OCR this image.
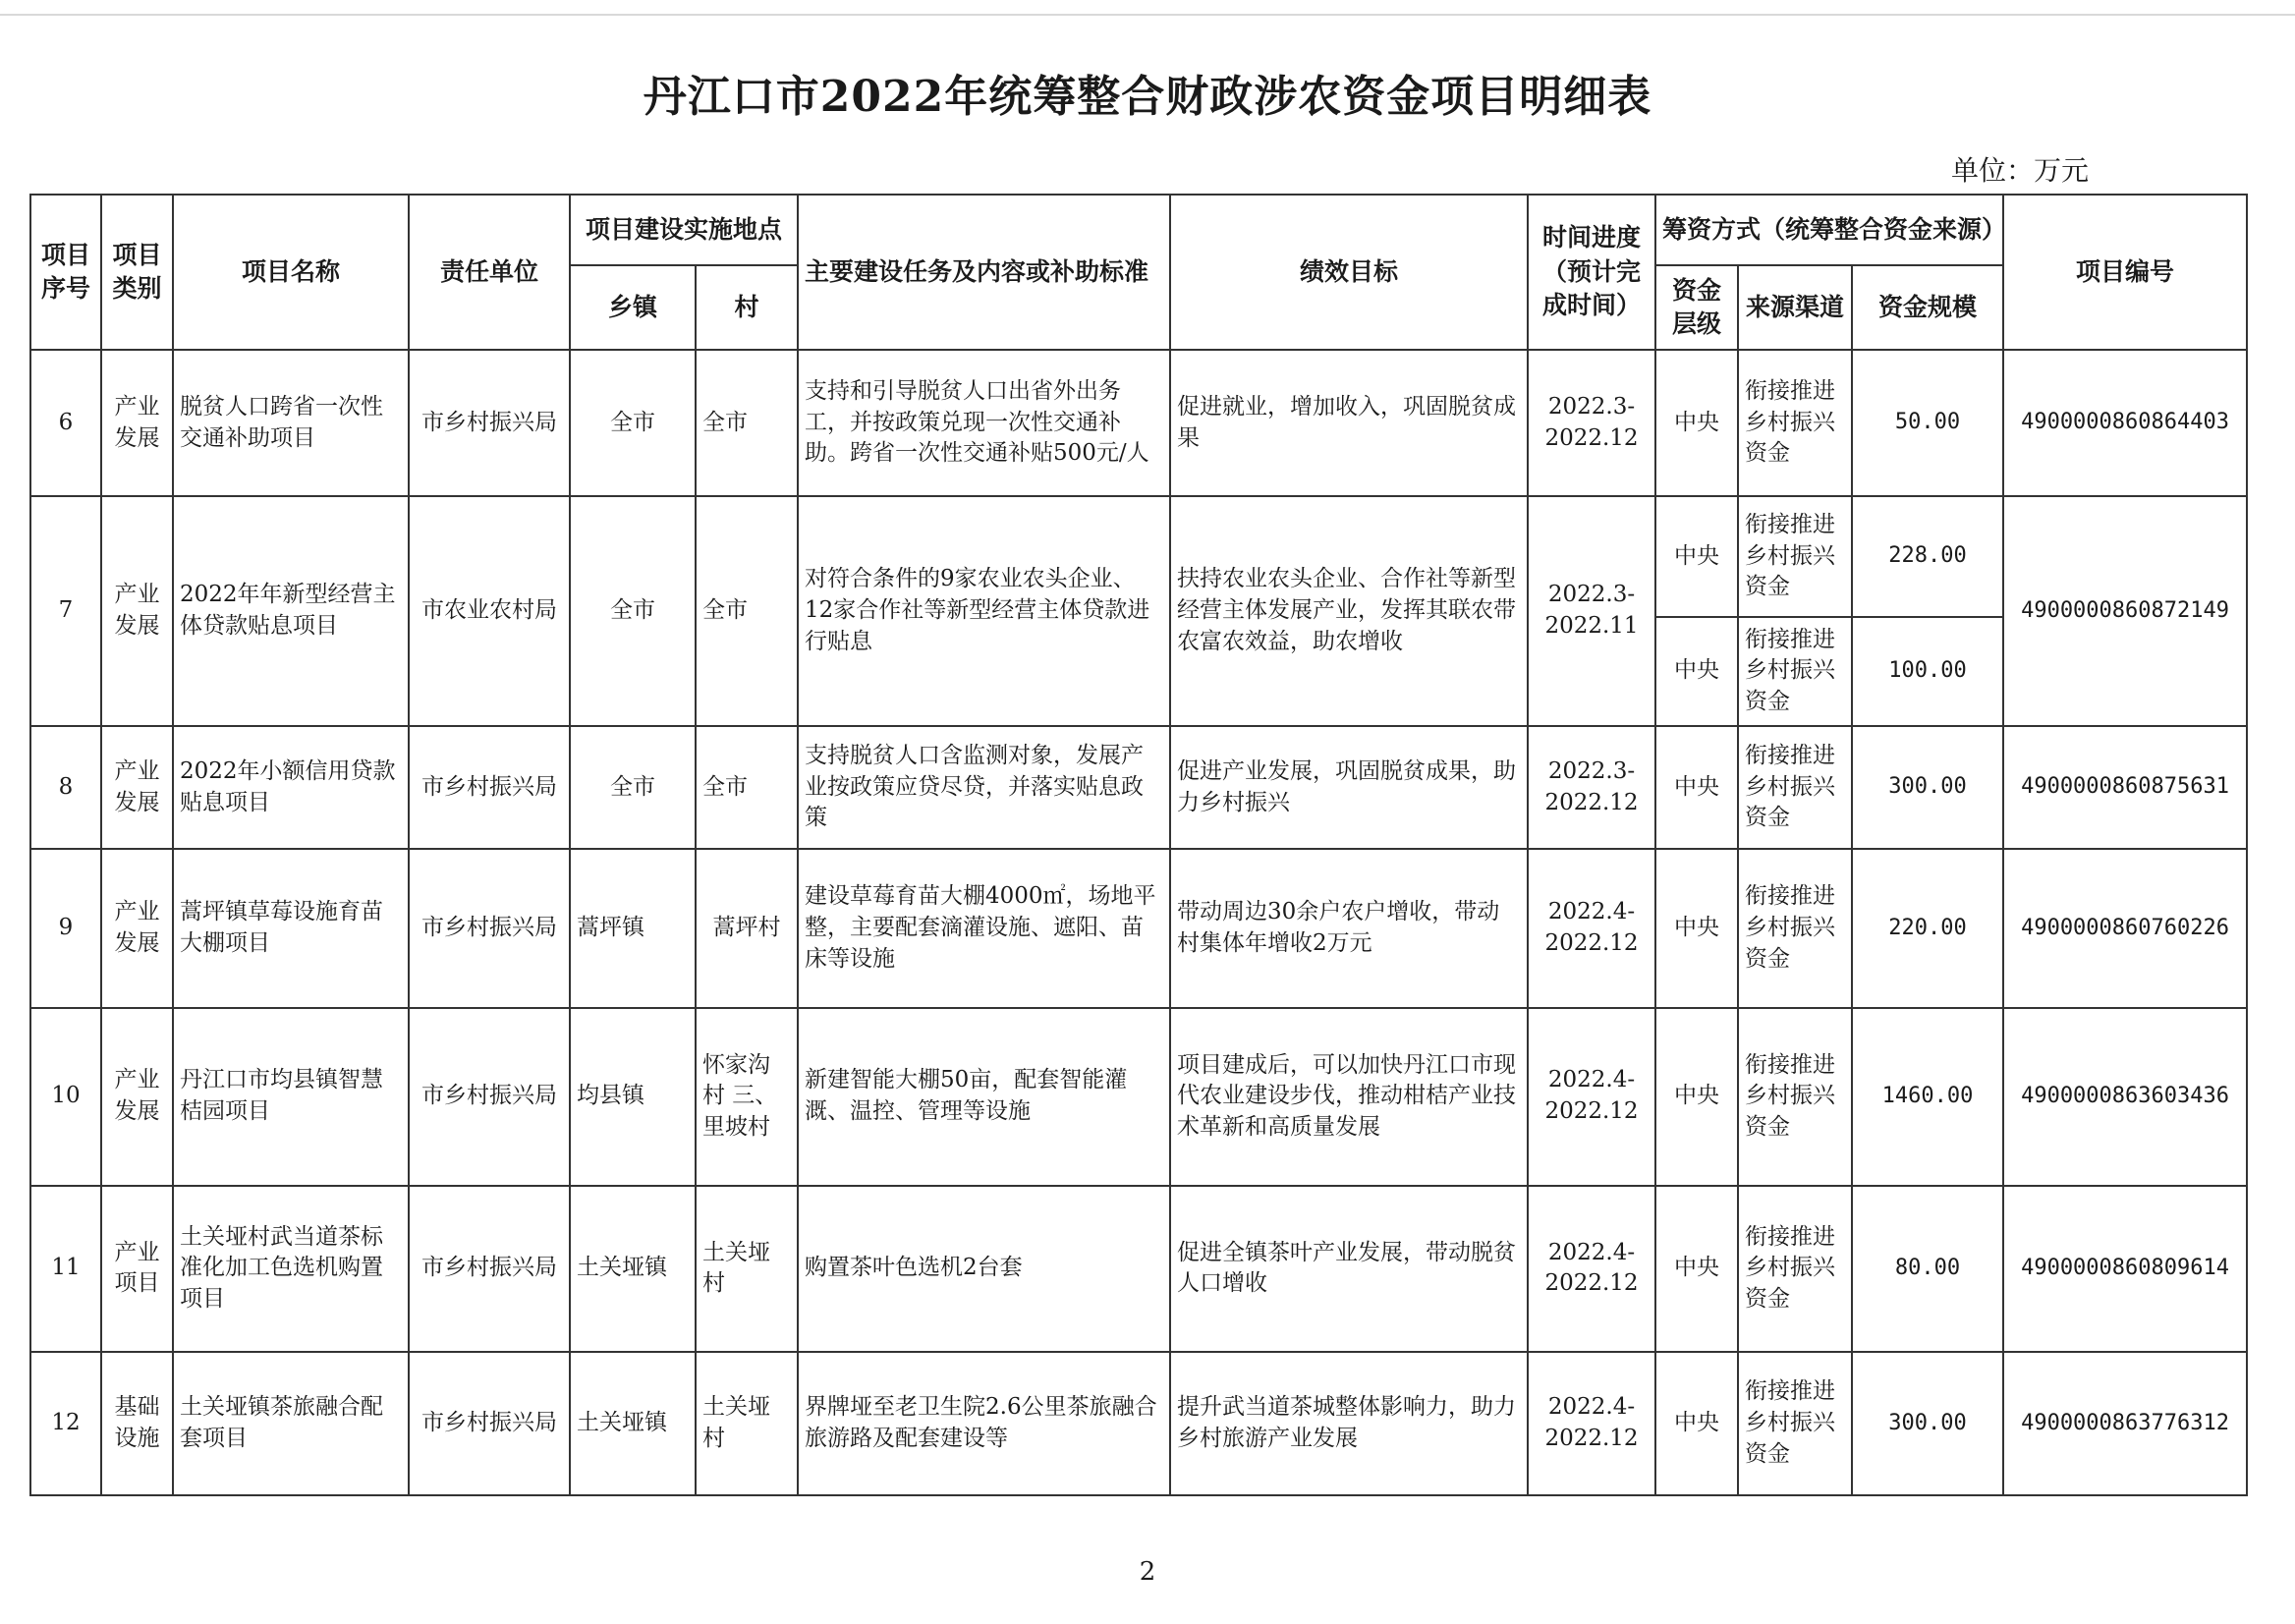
丹江口市2022年统筹整合财政涉农资金项目明细表
单位：万元
项目序号	项目类别	项目名称	责任单位	项目建设实施地点		主要建设任务及内容或补助标准	绩效目标	时间进度（预计完成时间）	筹资方式（统筹整合资金来源）			项目编号
				乡镇	村				资金层级	来源渠道	资金规模	
6	产业发展	脱贫人口跨省一次性交通补助项目	市乡村振兴局	全市	全市	支持和引导脱贫人口出省外出务工，并按政策兑现一次性交通补助。跨省一次性交通补贴500元/人	促进就业，增加收入，巩固脱贫成果	2022.3-2022.12	中央	衔接推进乡村振兴资金	50.00	4900000860864403
7	产业发展	2022年年新型经营主体贷款贴息项目	市农业农村局	全市	全市	对符合条件的9家农业农头企业、12家合作社等新型经营主体贷款进行贴息	扶持农业农头企业、合作社等新型经营主体发展产业，发挥其联农带农富农效益，助农增收	2022.3-2022.11	中央	衔接推进乡村振兴资金	228.00	4900000860872149
									中央	衔接推进乡村振兴资金	100.00	
8	产业发展	2022年小额信用贷款贴息项目	市乡村振兴局	全市	全市	支持脱贫人口含监测对象，发展产业按政策应贷尽贷，并落实贴息政策	促进产业发展，巩固脱贫成果，助力乡村振兴	2022.3-2022.12	中央	衔接推进乡村振兴资金	300.00	4900000860875631
9	产业发展	蒿坪镇草莓设施育苗大棚项目	市乡村振兴局	蒿坪镇	蒿坪村	建设草莓育苗大棚4000㎡，场地平整，主要配套滴灌设施、遮阳、苗床等设施	带动周边30余户农户增收，带动村集体年增收2万元	2022.4-2022.12	中央	衔接推进乡村振兴资金	220.00	4900000860760226
10	产业发展	丹江口市均县镇智慧桔园项目	市乡村振兴局	均县镇	怀家沟村 三、里坡村	新建智能大棚50亩，配套智能灌溉、温控、管理等设施	项目建成后，可以加快丹江口市现代农业建设步伐，推动柑桔产业技术革新和高质量发展	2022.4-2022.12	中央	衔接推进乡村振兴资金	1460.00	4900000863603436
11	产业项目	土关垭村武当道茶标准化加工色选机购置项目	市乡村振兴局	土关垭镇	土关垭村	购置茶叶色选机2台套	促进全镇茶叶产业发展，带动脱贫人口增收	2022.4-2022.12	中央	衔接推进乡村振兴资金	80.00	4900000860809614
12	基础设施	土关垭镇茶旅融合配套项目	市乡村振兴局	土关垭镇	土关垭村	界牌垭至老卫生院2.6公里茶旅融合旅游路及配套建设等	提升武当道茶城整体影响力，助力乡村旅游产业发展	2022.4-2022.12	中央	衔接推进乡村振兴资金	300.00	4900000863776312
2
